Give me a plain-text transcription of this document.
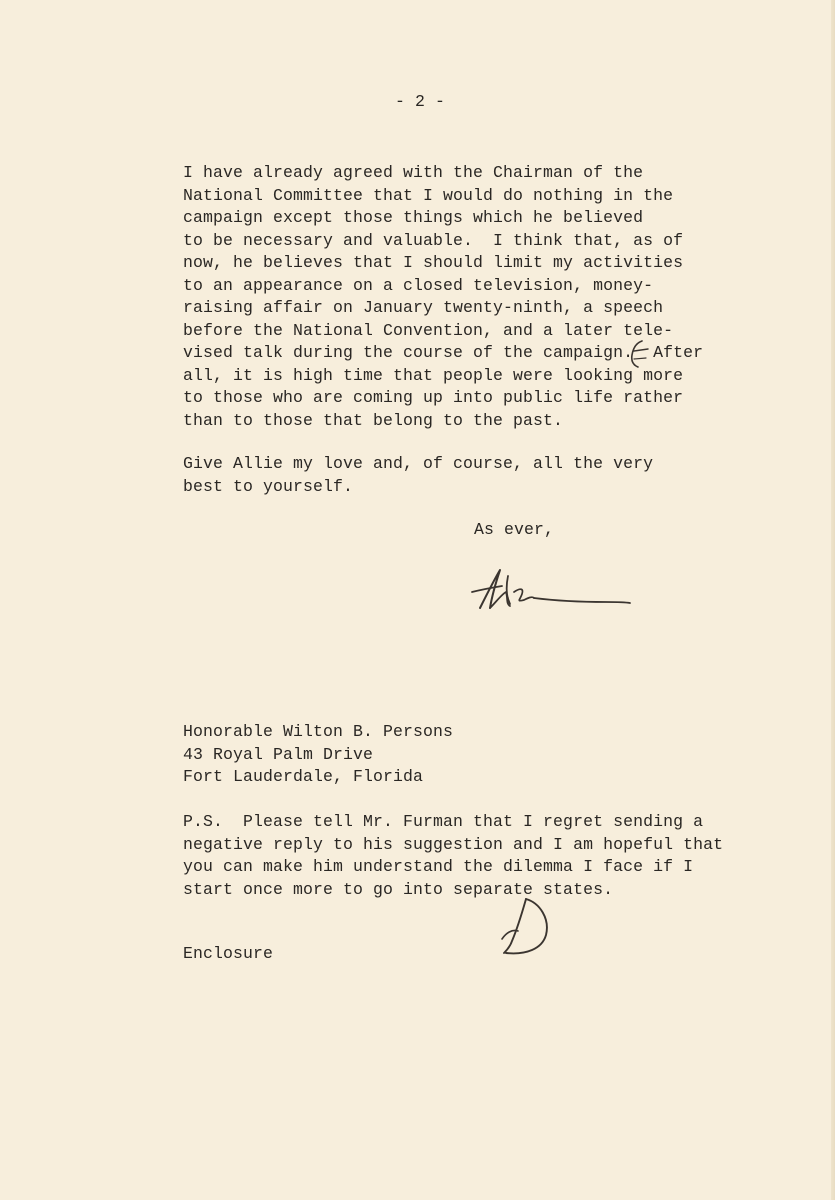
- 2 -
I have already agreed with the Chairman of the
National Committee that I would do nothing in the
campaign except those things which he believed
to be necessary and valuable.  I think that, as of
now, he believes that I should limit my activities
to an appearance on a closed television, money-
raising affair on January twenty-ninth, a speech
before the National Convention, and a later tele-
vised talk during the course of the campaign.  After
all, it is high time that people were looking more
to those who are coming up into public life rather
than to those that belong to the past.
Give Allie my love and, of course, all the very
best to yourself.
As ever,
Honorable Wilton B. Persons
43 Royal Palm Drive
Fort Lauderdale, Florida
P.S.  Please tell Mr. Furman that I regret sending a
negative reply to his suggestion and I am hopeful that
you can make him understand the dilemma I face if I
start once more to go into separate states.
Enclosure
